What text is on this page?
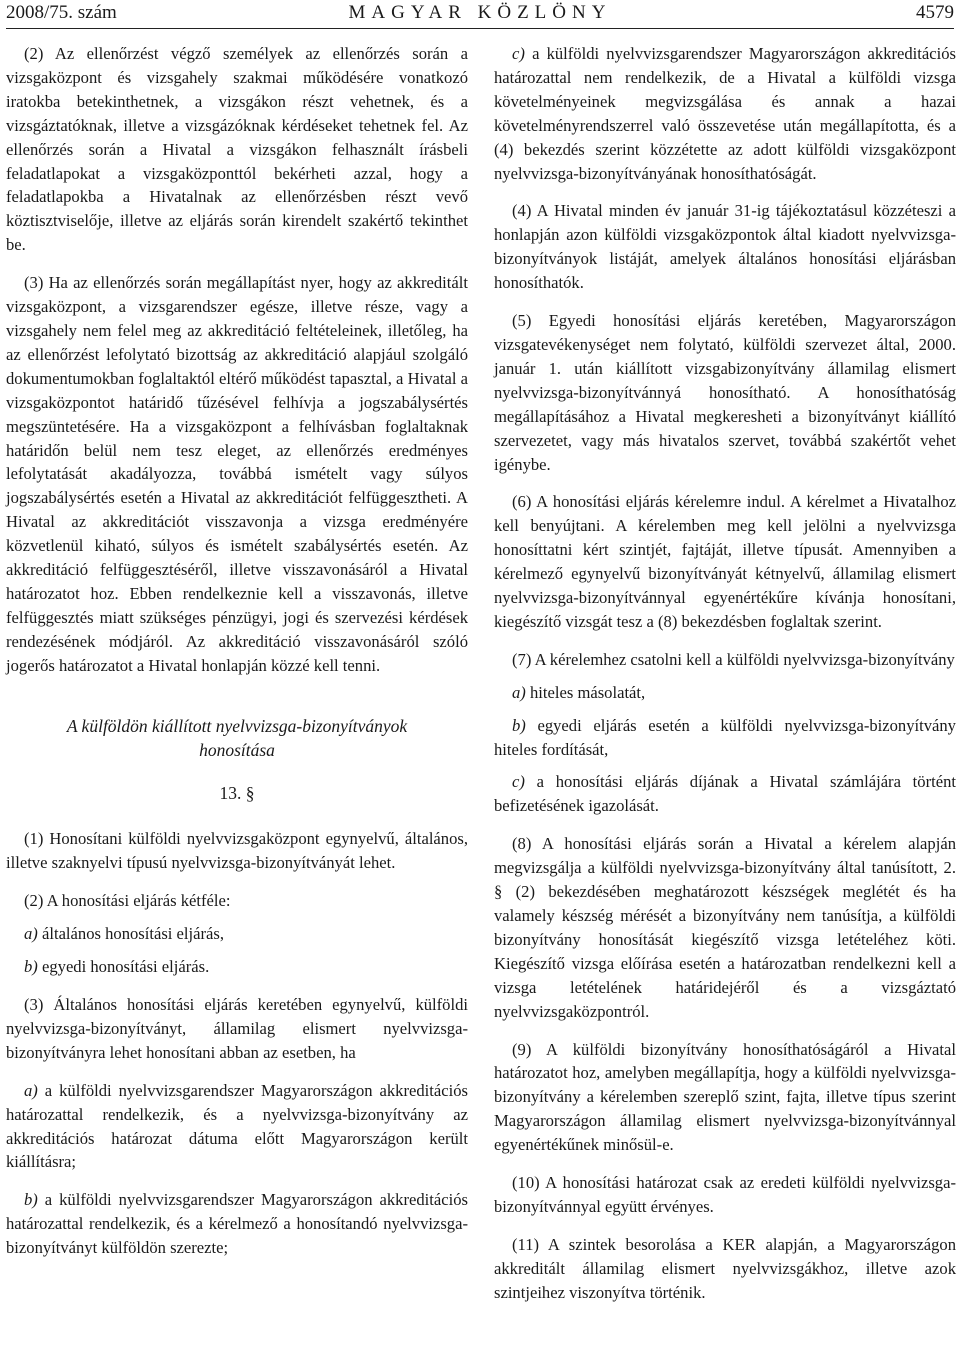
2008/75. szám	MAGYAR KÖZLÖNY	4579

(2) Az ellenőrzést végző személyek az ellenőrzés során a vizsgaközpont és vizsgahely szakmai működésére vonatkozó iratokba betekinthetnek, a vizsgákon részt vehetnek, és a vizsgáztatóknak, illetve a vizsgázóknak kérdéseket tehetnek fel. Az ellenőrzés során a Hivatal a vizsgákon felhasznált írásbeli feladatlapokat a vizsgaközponttól bekérheti azzal, hogy a feladatlapokba a Hivatalnak az ellenőrzésben részt vevő köztisztviselője, illetve az eljárás során kirendelt szakértő tekinthet be.

(3) Ha az ellenőrzés során megállapítást nyer, hogy az akkreditált vizsgaközpont, a vizsgarendszer egésze, illetve része, vagy a vizsgahely nem felel meg az akkreditáció feltételeinek, illetőleg, ha az ellenőrzést lefolytató bizottság az akkreditáció alapjául szolgáló dokumentumokban foglaltaktól eltérő működést tapasztal, a Hivatal a vizsgaközpontot határidő tűzésével felhívja a jogszabálysértés megszüntetésére. Ha a vizsgaközpont a felhívásban foglaltaknak határidőn belül nem tesz eleget, az ellenőrzés eredményes lefolytatását akadályozza, továbbá ismételt vagy súlyos jogszabálysértés esetén a Hivatal az akkreditációt felfüggesztheti. A Hivatal az akkreditációt visszavonja a vizsga eredményére közvetlenül kiható, súlyos és ismételt szabálysértés esetén. Az akkreditáció felfüggesztéséről, illetve visszavonásáról a Hivatal határozatot hoz. Ebben rendelkeznie kell a visszavonás, illetve felfüggesztés miatt szükséges pénzügyi, jogi és szervezési kérdések rendezésének módjáról. Az akkreditáció visszavonásáról szóló jogerős határozatot a Hivatal honlapján közzé kell tenni.

A külföldön kiállított nyelvvizsga-bizonyítványok honosítása
13. §

(1) Honosítani külföldi nyelvvizsgaközpont egynyelvű, általános, illetve szaknyelvi típusú nyelvvizsga-bizonyítványát lehet.

(2) A honosítási eljárás kétféle:

a) általános honosítási eljárás,

b) egyedi honosítási eljárás.

(3) Általános honosítási eljárás keretében egynyelvű, külföldi nyelvvizsga-bizonyítványt, államilag elismert nyelvvizsga-bizonyítványra lehet honosítani abban az esetben, ha

a) a külföldi nyelvvizsgarendszer Magyarországon akkreditációs határozattal rendelkezik, és a nyelvvizsga-bizonyítvány az akkreditációs határozat dátuma előtt Magyarországon került kiállításra;

b) a külföldi nyelvvizsgarendszer Magyarországon akkreditációs határozattal rendelkezik, és a kérelmező a honosítandó nyelvvizsga-bizonyítványt külföldön szerezte;

c) a külföldi nyelvvizsgarendszer Magyarországon akkreditációs határozattal nem rendelkezik, de a Hivatal a külföldi vizsga követelményeinek megvizsgálása és annak a hazai követelményrendszerrel való összevetése után megállapította, és a (4) bekezdés szerint közzétette az adott külföldi vizsgaközpont nyelvvizsga-bizonyítványának honosíthatóságát.

(4) A Hivatal minden év január 31-ig tájékoztatásul közzéteszi a honlapján azon külföldi vizsgaközpontok által kiadott nyelvvizsga-bizonyítványok listáját, amelyek általános honosítási eljárásban honosíthatók.

(5) Egyedi honosítási eljárás keretében, Magyarországon vizsgatevékenységet nem folytató, külföldi szervezet által, 2000. január 1. után kiállított vizsgabizonyítvány államilag elismert nyelvvizsga-bizonyítvánnyá honosítható. A honosíthatóság megállapításához a Hivatal megkeresheti a bizonyítványt kiállító szervezetet, vagy más hivatalos szervet, továbbá szakértőt vehet igénybe.

(6) A honosítási eljárás kérelemre indul. A kérelmet a Hivatalhoz kell benyújtani. A kérelemben meg kell jelölni a nyelvvizsga honosíttatni kért szintjét, fajtáját, illetve típusát. Amennyiben a kérelmező egynyelvű bizonyítványát kétnyelvű, államilag elismert nyelvvizsga-bizonyítvánnyal egyenértékűre kívánja honosítani, kiegészítő vizsgát tesz a (8) bekezdésben foglaltak szerint.

(7) A kérelemhez csatolni kell a külföldi nyelvvizsga-bizonyítvány

a) hiteles másolatát,

b) egyedi eljárás esetén a külföldi nyelvvizsga-bizonyítvány hiteles fordítását,

c) a honosítási eljárás díjának a Hivatal számlájára történt befizetésének igazolását.

(8) A honosítási eljárás során a Hivatal a kérelem alapján megvizsgálja a külföldi nyelvvizsga-bizonyítvány által tanúsított, 2. § (2) bekezdésében meghatározott készségek meglétét és ha valamely készség mérését a bizonyítvány nem tanúsítja, a külföldi bizonyítvány honosítását kiegészítő vizsga letételéhez köti. Kiegészítő vizsga előírása esetén a határozatban rendelkezni kell a vizsga letételének határidejéről és a vizsgáztató nyelvvizsgaközpontról.

(9) A külföldi bizonyítvány honosíthatóságáról a Hivatal határozatot hoz, amelyben megállapítja, hogy a külföldi nyelvvizsga-bizonyítvány a kérelemben szereplő szint, fajta, illetve típus szerint Magyarországon államilag elismert nyelvvizsga-bizonyítvánnyal egyenértékűnek minősül-e.

(10) A honosítási határozat csak az eredeti külföldi nyelvvizsga-bizonyítvánnyal együtt érvényes.

(11) A szintek besorolása a KER alapján, a Magyarországon akkreditált államilag elismert nyelvvizsgákhoz, illetve azok szintjeihez viszonyítva történik.
